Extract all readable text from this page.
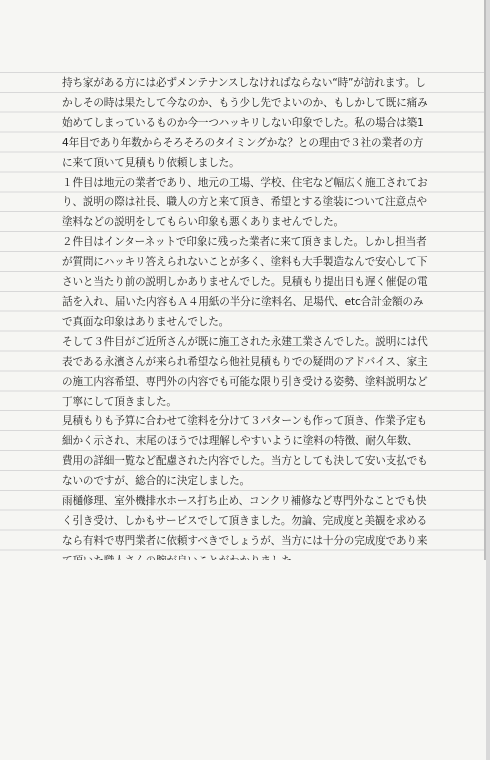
持ち家がある方には必ずメンテナンスしなければならない“時”が訪れます。しかしその時は果たして今なのか、もう少し先でよいのか、もしかして既に痛み始めてしまっているものか今一つハッキリしない印象でした。私の場合は築14年目であり年数からそろそろのタイミングかな？との理由で３社の業者の方に来て頂いて見積もり依頼しました。

１件目は地元の業者であり、地元の工場、学校、住宅など幅広く施工されており、説明の際は社長、職人の方と来て頂き、希望とする塗装について注意点や塗料などの説明をしてもらい印象も悪くありませんでした。

２件目はインターネットで印象に残った業者に来て頂きました。しかし担当者が質問にハッキリ答えられないことが多く、塗料も大手製造なんで安心して下さいと当たり前の説明しかありませんでした。見積もり提出日も遅く催促の電話を入れ、届いた内容もＡ４用紙の半分に塗料名、足場代、etc合計金額のみで真面な印象はありませんでした。

そして３件目がご近所さんが既に施工された永建工業さんでした。説明には代表である永濱さんが来られ希望なら他社見積もりでの疑問のアドバイス、家主の施工内容希望、専門外の内容でも可能な限り引き受ける姿勢、塗料説明など丁寧にして頂きました。

見積もりも予算に合わせて塗料を分けて３パターンも作って頂き、作業予定も細かく示され、末尾のほうでは理解しやすいように塗料の特徴、耐久年数、費用の詳細一覧など配慮された内容でした。当方としても決して安い支払でもないのですが、総合的に決定しました。

雨樋修理、室外機排水ホース打ち止め、コンクリ補修など専門外なことでも快く引き受け、しかもサービスでして頂きました。勿論、完成度と美観を求めるなら有料で専門業者に依頼すべきでしょうが、当方には十分の完成度であり来
